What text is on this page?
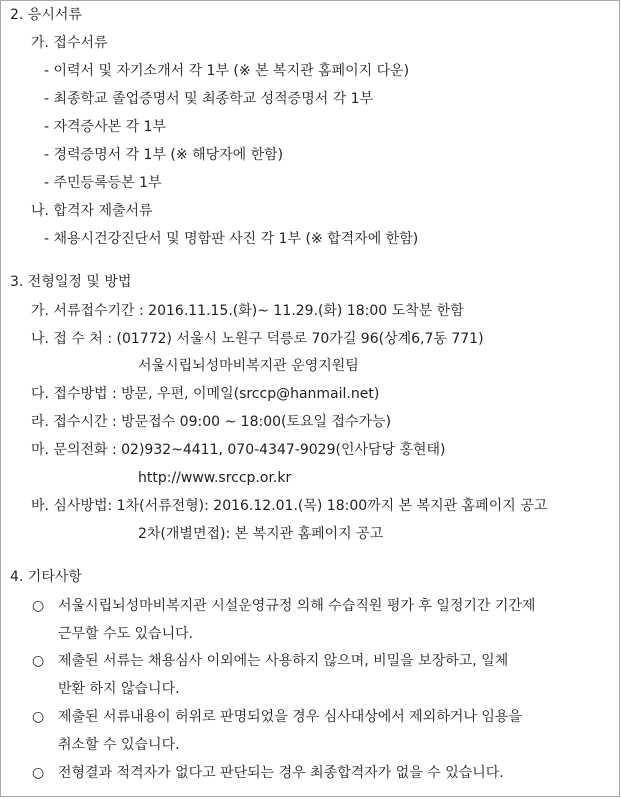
2. 응시서류
가. 접수서류
- 이력서 및 자기소개서 각 1부 (※ 본 복지관 홈페이지 다운)
- 최종학교 졸업증명서 및 최종학교 성적증명서 각 1부
- 자격증사본 각 1부
- 경력증명서 각 1부 (※ 해당자에 한함)
- 주민등록등본 1부
나. 합격자 제출서류
- 채용시건강진단서 및 명함판 사진 각 1부 (※ 합격자에 한함)
3. 전형일정 및 방법
가. 서류접수기간 : 2016.11.15.(화)~ 11.29.(화) 18:00 도착분 한함
나. 접 수 처 : (01772) 서울시 노원구 덕릉로 70가길 96(상계6,7동 771)
서울시립뇌성마비복지관 운영지원팀
다. 접수방법 : 방문, 우편, 이메일(srccp@hanmail.net)
라. 접수시간 : 방문접수 09:00 ~ 18:00(토요일 접수가능)
마. 문의전화 : 02)932~4411, 070-4347-9029(인사담당 홍현태)
http://www.srccp.or.kr
바. 심사방법: 1차(서류전형): 2016.12.01.(목) 18:00까지 본 복지관 홈페이지 공고
2차(개별면접): 본 복지관 홈페이지 공고
4. 기타사항
○ 서울시립뇌성마비복지관 시설운영규정 의해 수습직원 평가 후 일정기간 기간제
근무할 수도 있습니다.
○ 제출된 서류는 채용심사 이외에는 사용하지 않으며, 비밀을 보장하고, 일체
반환 하지 않습니다.
○ 제출된 서류내용이 허위로 판명되었을 경우 심사대상에서 제외하거나 임용을
취소할 수 있습니다.
○ 전형결과 적격자가 없다고 판단되는 경우 최종합격자가 없을 수 있습니다.
